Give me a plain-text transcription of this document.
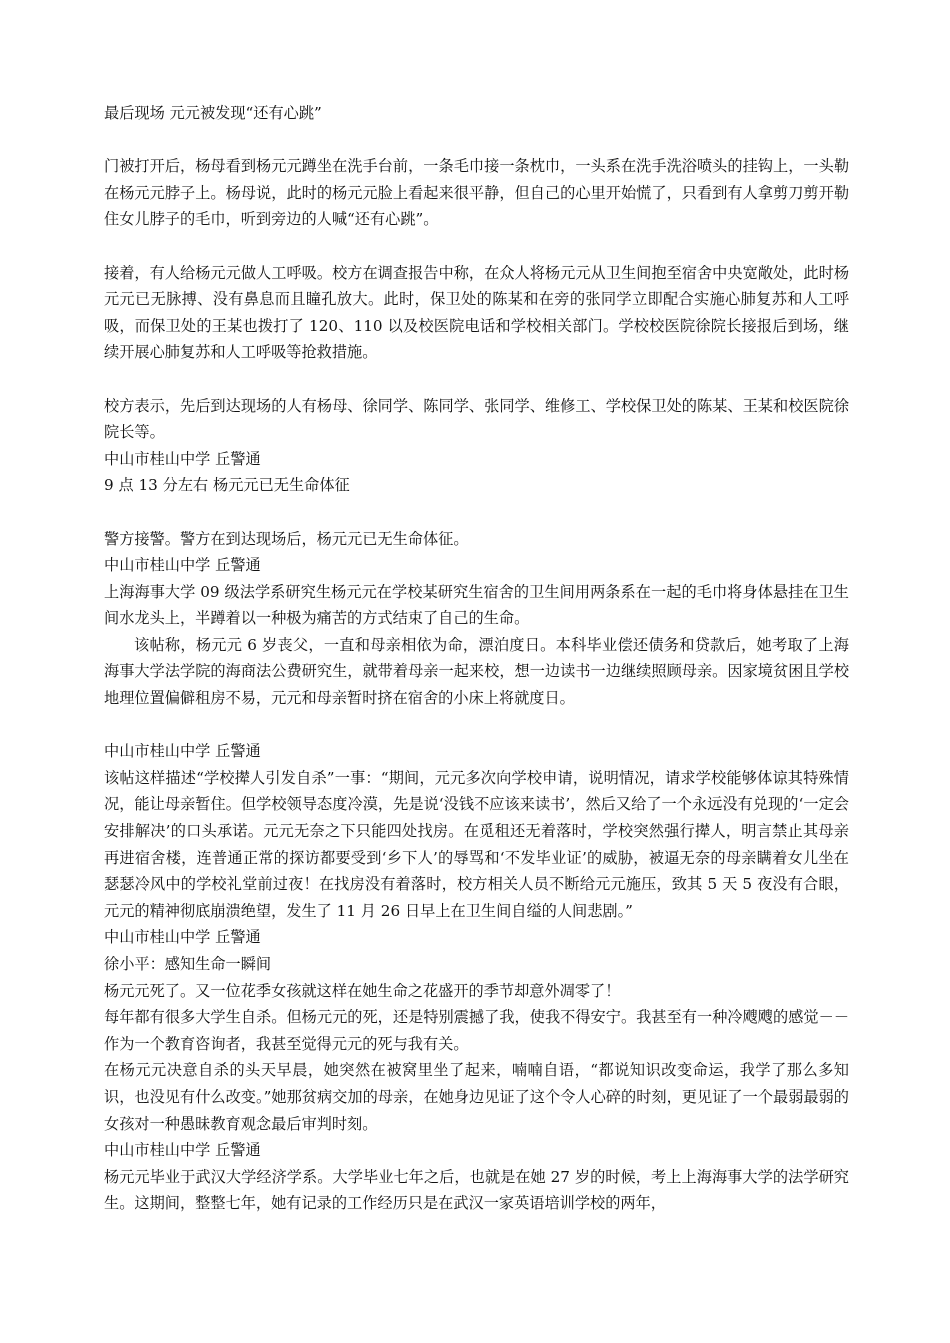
最后现场 元元被发现“还有心跳”

门被打开后，杨母看到杨元元蹲坐在洗手台前，一条毛巾接一条枕巾，一头系在洗手洗浴喷头的挂钩上，一头勒在杨元元脖子上。杨母说，此时的杨元元脸上看起来很平静，但自己的心里开始慌了，只看到有人拿剪刀剪开勒住女儿脖子的毛巾，听到旁边的人喊“还有心跳”。

接着，有人给杨元元做人工呼吸。校方在调查报告中称，在众人将杨元元从卫生间抱至宿舍中央宽敞处，此时杨元元已无脉搏、没有鼻息而且瞳孔放大。此时，保卫处的陈某和在旁的张同学立即配合实施心肺复苏和人工呼吸，而保卫处的王某也拨打了 120、110 以及校医院电话和学校相关部门。学校校医院徐院长接报后到场，继续开展心肺复苏和人工呼吸等抢救措施。

校方表示，先后到达现场的人有杨母、徐同学、陈同学、张同学、维修工、学校保卫处的陈某、王某和校医院徐院长等。

中山市桂山中学 丘警通

9 点 13 分左右 杨元元已无生命体征

警方接警。警方在到达现场后，杨元元已无生命体征。

中山市桂山中学 丘警通

上海海事大学 09 级法学系研究生杨元元在学校某研究生宿舍的卫生间用两条系在一起的毛巾将身体悬挂在卫生间水龙头上，半蹲着以一种极为痛苦的方式结束了自己的生命。

该帖称，杨元元 6 岁丧父，一直和母亲相依为命，漂泊度日。本科毕业偿还债务和贷款后，她考取了上海海事大学法学院的海商法公费研究生，就带着母亲一起来校，想一边读书一边继续照顾母亲。因家境贫困且学校地理位置偏僻租房不易，元元和母亲暂时挤在宿舍的小床上将就度日。

中山市桂山中学 丘警通

该帖这样描述“学校撵人引发自杀”一事：“期间，元元多次向学校申请，说明情况，请求学校能够体谅其特殊情况，能让母亲暂住。但学校领导态度冷漠，先是说‘没钱不应该来读书’，然后又给了一个永远没有兑现的‘一定会安排解决’的口头承诺。元元无奈之下只能四处找房。在觅租还无着落时，学校突然强行撵人，明言禁止其母亲再进宿舍楼，连普通正常的探访都要受到‘乡下人’的辱骂和‘不发毕业证’的威胁，被逼无奈的母亲瞒着女儿坐在瑟瑟冷风中的学校礼堂前过夜！在找房没有着落时，校方相关人员不断给元元施压，致其 5 天 5 夜没有合眼，元元的精神彻底崩溃绝望，发生了 11 月 26 日早上在卫生间自缢的人间悲剧。”

中山市桂山中学 丘警通

徐小平：感知生命一瞬间

杨元元死了。又一位花季女孩就这样在她生命之花盛开的季节却意外凋零了！

每年都有很多大学生自杀。但杨元元的死，还是特别震撼了我，使我不得安宁。我甚至有一种冷飕飕的感觉－－作为一个教育咨询者，我甚至觉得元元的死与我有关。

在杨元元决意自杀的头天早晨，她突然在被窝里坐了起来，喃喃自语，“都说知识改变命运，我学了那么多知识，也没见有什么改变。”她那贫病交加的母亲，在她身边见证了这个令人心碎的时刻，更见证了一个最弱最弱的女孩对一种愚昧教育观念最后审判时刻。

中山市桂山中学 丘警通

杨元元毕业于武汉大学经济学系。大学毕业七年之后，也就是在她 27 岁的时候，考上上海海事大学的法学研究生。这期间，整整七年，她有记录的工作经历只是在武汉一家英语培训学校的两年，
